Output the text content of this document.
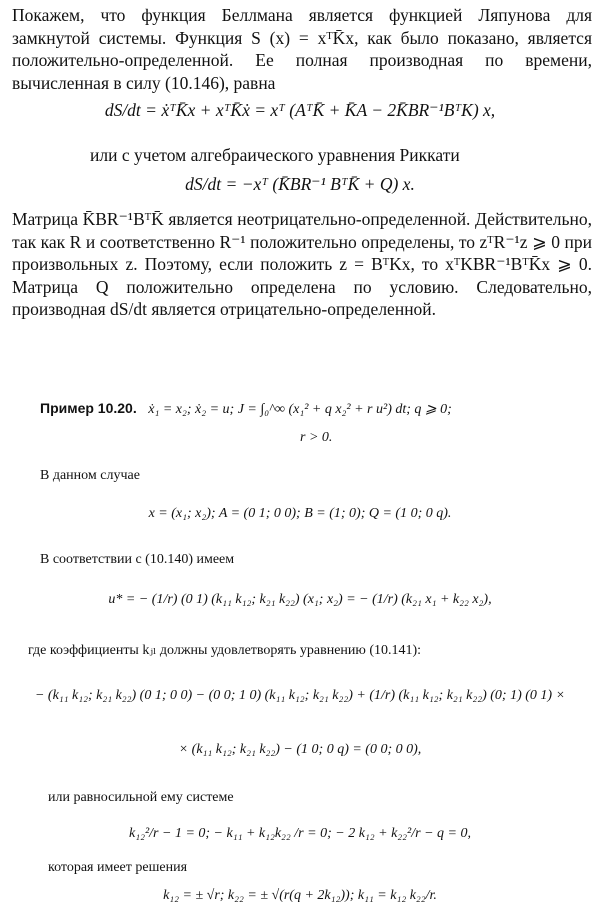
Покажем, что функция Беллмана является функцией Ляпунова для замкнутой системы. Функция S (x) = xᵀK̄x, как было показано, является положительно-определенной. Ее полная производная по времени, вычисленная в силу (10.146), равна

dS/dt = ẋᵀK̄x + xᵀK̄ẋ = xᵀ (AᵀK̄ + K̄A − 2K̄BR⁻¹BᵀK) x,

или с учетом алгебраического уравнения Риккати

dS/dt = −xᵀ (K̄BR⁻¹ BᵀK̄ + Q) x.

Матрица K̄BR⁻¹BᵀK̄ является неотрицательно-определенной. Действительно, так как R и соответственно R⁻¹ положительно определены, то zᵀR⁻¹z ⩾ 0 при произвольных z. Поэтому, если положить z = BᵀKx, то xᵀKBR⁻¹BᵀK̄x ⩾ 0. Матрица Q положительно определена по условию. Следовательно, производная dS/dt является отрицательно-определенной.

Пример 10.20. ẋ₁ = x₂; ẋ₂ = u; J = ∫₀^∞ (x₁² + q x₂² + r u²) dt; q ⩾ 0;
r > 0.
В данном случае
x = (x₁; x₂); A = (0 1; 0 0); B = (1; 0); Q = (1 0; 0 q).
В соответствии с (10.140) имеем
u* = − (1/r) (0 1) (k₁₁ k₁₂; k₂₁ k₂₂) (x₁; x₂) = − (1/r) (k₂₁ x₁ + k₂₂ x₂),
где коэффициенты kⱼₗ должны удовлетворять уравнению (10.141):
− (k₁₁ k₁₂; k₂₁ k₂₂) (0 1; 0 0) − (0 0; 1 0) (k₁₁ k₁₂; k₂₁ k₂₂) + (1/r) (k₁₁ k₁₂; k₂₁ k₂₂) (0; 1) (0 1) ×
× (k₁₁ k₁₂; k₂₁ k₂₂) − (1 0; 0 q) = (0 0; 0 0),
или равносильной ему системе
k₁₂²/r − 1 = 0; − k₁₁ + k₁₂k₂₂ /r = 0; − 2 k₁₂ + k₂₂²/r − q = 0,
которая имеет решения
k₁₂ = ± √r; k₂₂ = ± √(r(q + 2k₁₂)); k₁₁ = k₁₂ k₂₂/r.
